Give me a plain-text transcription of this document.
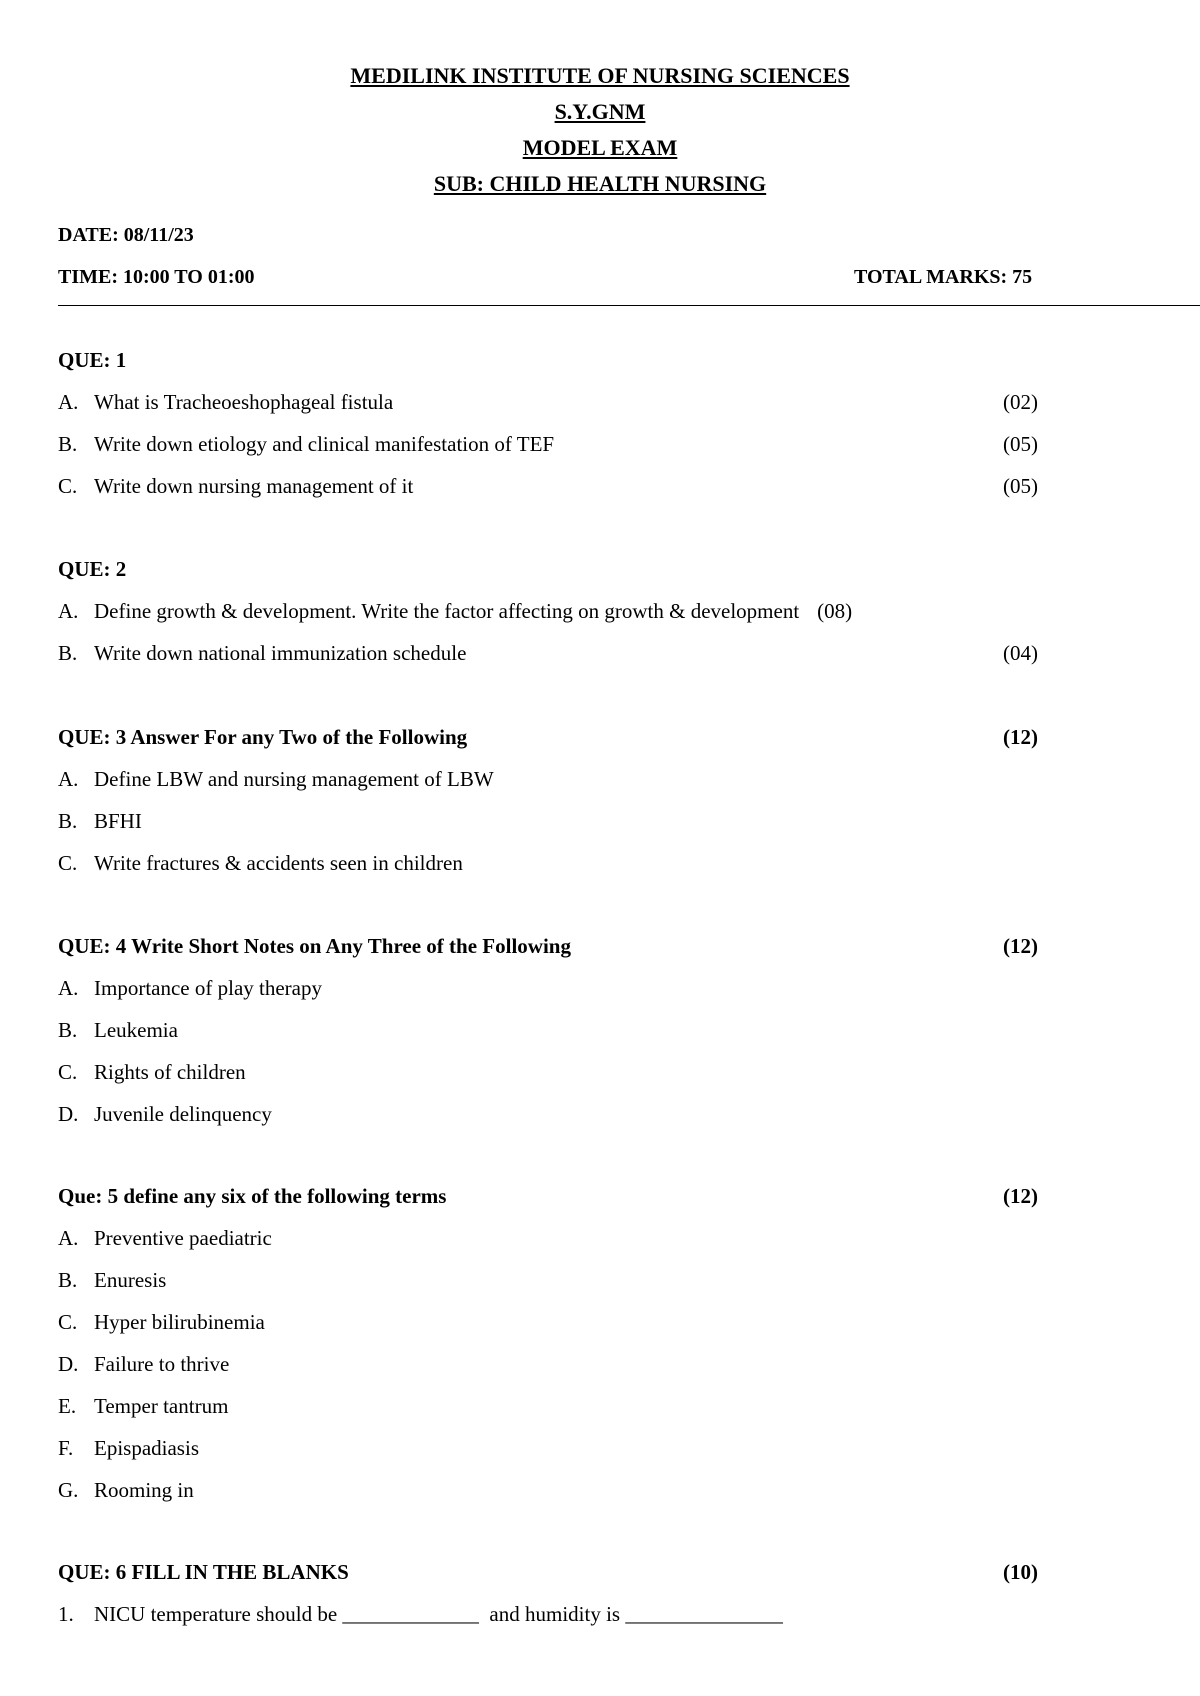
MEDILINK INSTITUTE OF NURSING SCIENCES
S.Y.GNM
MODEL EXAM
SUB: CHILD HEALTH NURSING
DATE: 08/11/23
TIME: 10:00 TO 01:00	TOTAL MARKS: 75
QUE: 1
A. What is Tracheoeshophageal fistula	(02)
B. Write down etiology and clinical manifestation of TEF	(05)
C. Write down nursing management of it	(05)
QUE: 2
A. Define growth & development. Write the factor affecting on growth & development (08)
B. Write down national immunization schedule	(04)
QUE: 3 Answer For any Two of the Following	(12)
A. Define LBW and nursing management of LBW
B. BFHI
C. Write fractures & accidents seen in children
QUE: 4 Write Short Notes on Any Three of the Following	(12)
A. Importance of play therapy
B. Leukemia
C. Rights of children
D. Juvenile delinquency
Que: 5 define any six of the following terms	(12)
A. Preventive paediatric
B. Enuresis
C. Hyper bilirubinemia
D. Failure to thrive
E. Temper tantrum
F. Epispadiasis
G. Rooming in
QUE: 6 FILL IN THE BLANKS	(10)
1. NICU temperature should be _____________  and humidity is _______________
